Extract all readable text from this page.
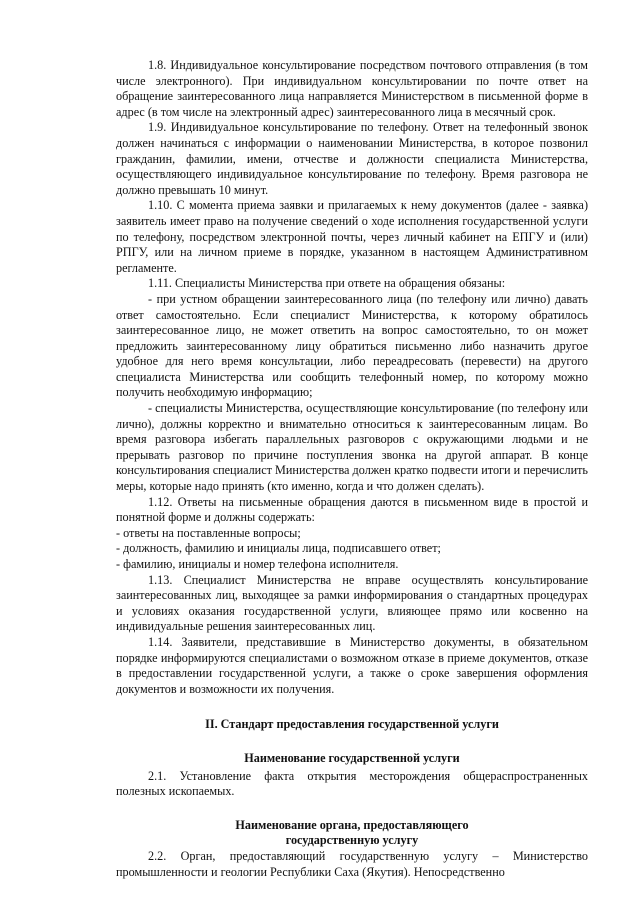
1.8. Индивидуальное консультирование посредством почтового отправления (в том числе электронного). При индивидуальном консультировании по почте ответ на обращение заинтересованного лица направляется Министерством в письменной форме в адрес (в том числе на электронный адрес) заинтересованного лица в месячный срок.

1.9. Индивидуальное консультирование по телефону. Ответ на телефонный звонок должен начинаться с информации о наименовании Министерства, в которое позвонил гражданин, фамилии, имени, отчестве и должности специалиста Министерства, осуществляющего индивидуальное консультирование по телефону. Время разговора не должно превышать 10 минут.

1.10. С момента приема заявки и прилагаемых к нему документов (далее - заявка) заявитель имеет право на получение сведений о ходе исполнения государственной услуги по телефону, посредством электронной почты, через личный кабинет на ЕПГУ и (или) РПГУ, или на личном приеме в порядке, указанном в настоящем Административном регламенте.

1.11. Специалисты Министерства при ответе на обращения обязаны:

- при устном обращении заинтересованного лица (по телефону или лично) давать ответ самостоятельно. Если специалист Министерства, к которому обратилось заинтересованное лицо, не может ответить на вопрос самостоятельно, то он может предложить заинтересованному лицу обратиться письменно либо назначить другое удобное для него время консультации, либо переадресовать (перевести) на другого специалиста Министерства или сообщить телефонный номер, по которому можно получить необходимую информацию;

- специалисты Министерства, осуществляющие консультирование (по телефону или лично), должны корректно и внимательно относиться к заинтересованным лицам. Во время разговора избегать параллельных разговоров с окружающими людьми и не прерывать разговор по причине поступления звонка на другой аппарат. В конце консультирования специалист Министерства должен кратко подвести итоги и перечислить меры, которые надо принять (кто именно, когда и что должен сделать).

1.12. Ответы на письменные обращения даются в письменном виде в простой и понятной форме и должны содержать:

- ответы на поставленные вопросы;

- должность, фамилию и инициалы лица, подписавшего ответ;

- фамилию, инициалы и номер телефона исполнителя.

1.13. Специалист Министерства не вправе осуществлять консультирование заинтересованных лиц, выходящее за рамки информирования о стандартных процедурах и условиях оказания государственной услуги, влияющее прямо или косвенно на индивидуальные решения заинтересованных лиц.

1.14. Заявители, представившие в Министерство документы, в обязательном порядке информируются специалистами о возможном отказе в приеме документов, отказе в предоставлении государственной услуги, а также о сроке завершения оформления документов и возможности их получения.

II. Стандарт предоставления государственной услуги

Наименование государственной услуги

2.1. Установление факта открытия месторождения общераспространенных полезных ископаемых.

Наименование органа, предоставляющего

государственную услугу

2.2. Орган, предоставляющий государственную услугу – Министерство промышленности и геологии Республики Саха (Якутия). Непосредственно
